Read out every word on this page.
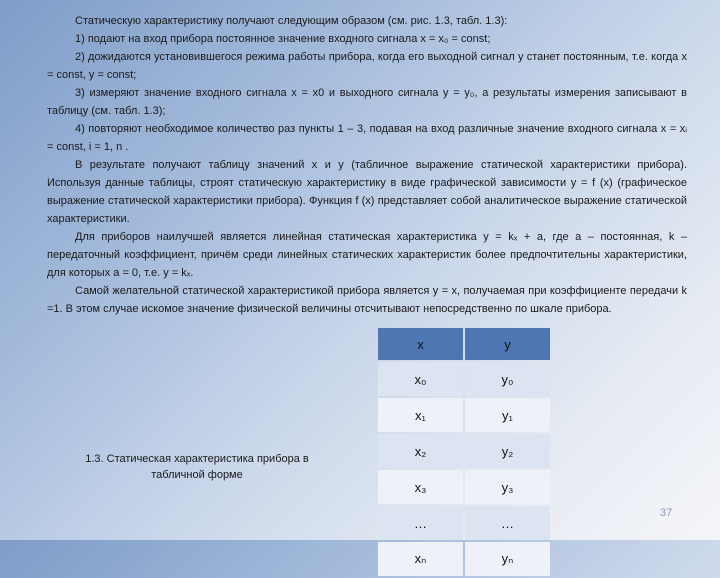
Статическую характеристику получают следующим образом (см. рис. 1.3, табл. 1.3):

1) подают на вход прибора постоянное значение входного сигнала x = x₀ = const;

2) дожидаются установившегося режима работы прибора, когда его выходной сигнал y станет постоянным, т.е. когда x = const, y = const;

3) измеряют значение входного сигнала x = x0 и выходного сигнала y = y₀, а результаты измерения записывают в таблицу (см. табл. 1.3);

4) повторяют необходимое количество раз пункты 1 – 3, подавая на вход различные значение входного сигнала x = xᵢ = const, i = 1, n .

В результате получают таблицу значений x и y (табличное выражение статической характеристики прибора). Используя данные таблицы, строят статическую характеристику в виде графической зависимости y = f (x) (графическое выражение статической характеристики прибора). Функция f (x) представляет собой аналитическое выражение статической характеристики.

Для приборов наилучшей является линейная статическая характеристика y = kₓ + a, где a – постоянная, k – передаточный коэффициент, причём среди линейных статических характеристик более предпочтительны характеристики, для которых a = 0, т.е. y = kₓ.

Самой желательной статической характеристикой прибора является y = x, получаемая при коэффициенте передачи k =1. В этом случае искомое значение физической величины отсчитывают непосредственно по шкале прибора.

1.3. Статическая характеристика прибора в табличной форме
x	y
x₀	y₀
x₁	y₁
x₂	y₂
x₃	y₃
…	…
xₙ	yₙ
37
